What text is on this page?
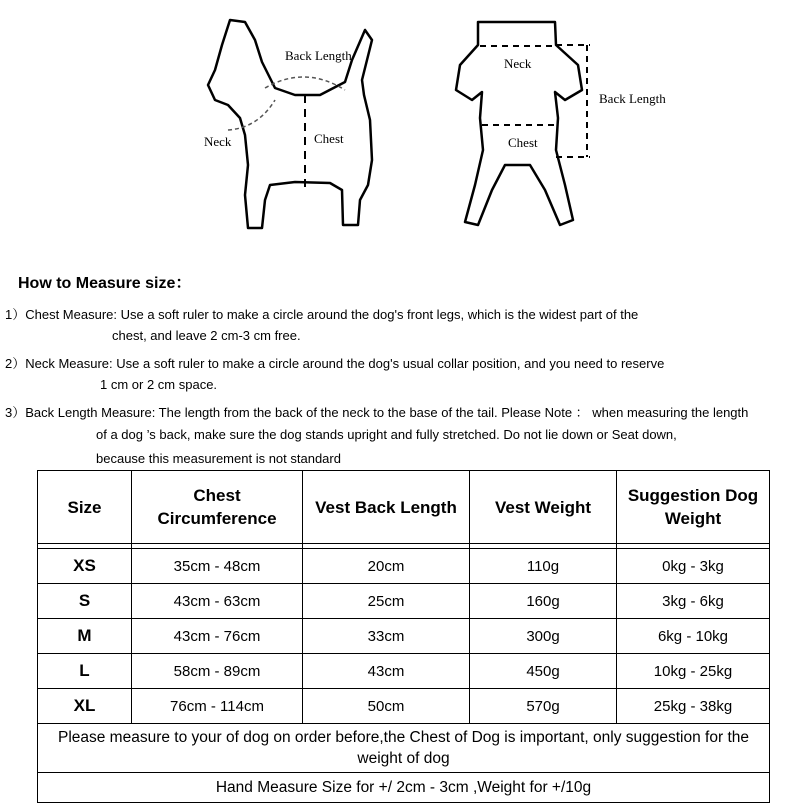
Back Length
Chest
Neck
Neck
Chest
Back Length
How to Measure size：
1）Chest Measure: Use a soft ruler to make a circle around the dog's front legs, which is the widest part of the
chest, and leave 2 cm-3 cm free.
2）Neck Measure: Use a soft ruler to make a circle around the dog's usual collar position, and you need to reserve
1 cm or 2 cm space.
3）Back Length Measure: The length from the back of the neck to the base of the tail. Please Note ： when measuring the length
of a dog ’s back, make sure the dog stands upright and fully stretched. Do not lie down or Seat down,
because this measurement is not standard
Size	Chest Circumference	Vest Back Length	Vest Weight	Suggestion Dog Weight

XS	35cm - 48cm	20cm	110g	0kg - 3kg
S	43cm - 63cm	25cm	160g	3kg - 6kg
M	43cm - 76cm	33cm	300g	6kg - 10kg
L	58cm - 89cm	43cm	450g	10kg - 25kg
XL	76cm - 114cm	50cm	570g	25kg - 38kg
Please measure to your of dog on order before,the Chest of Dog is important, only suggestion for the weight of dog				
Hand Measure Size for +/ 2cm - 3cm ,Weight for +/10g				
